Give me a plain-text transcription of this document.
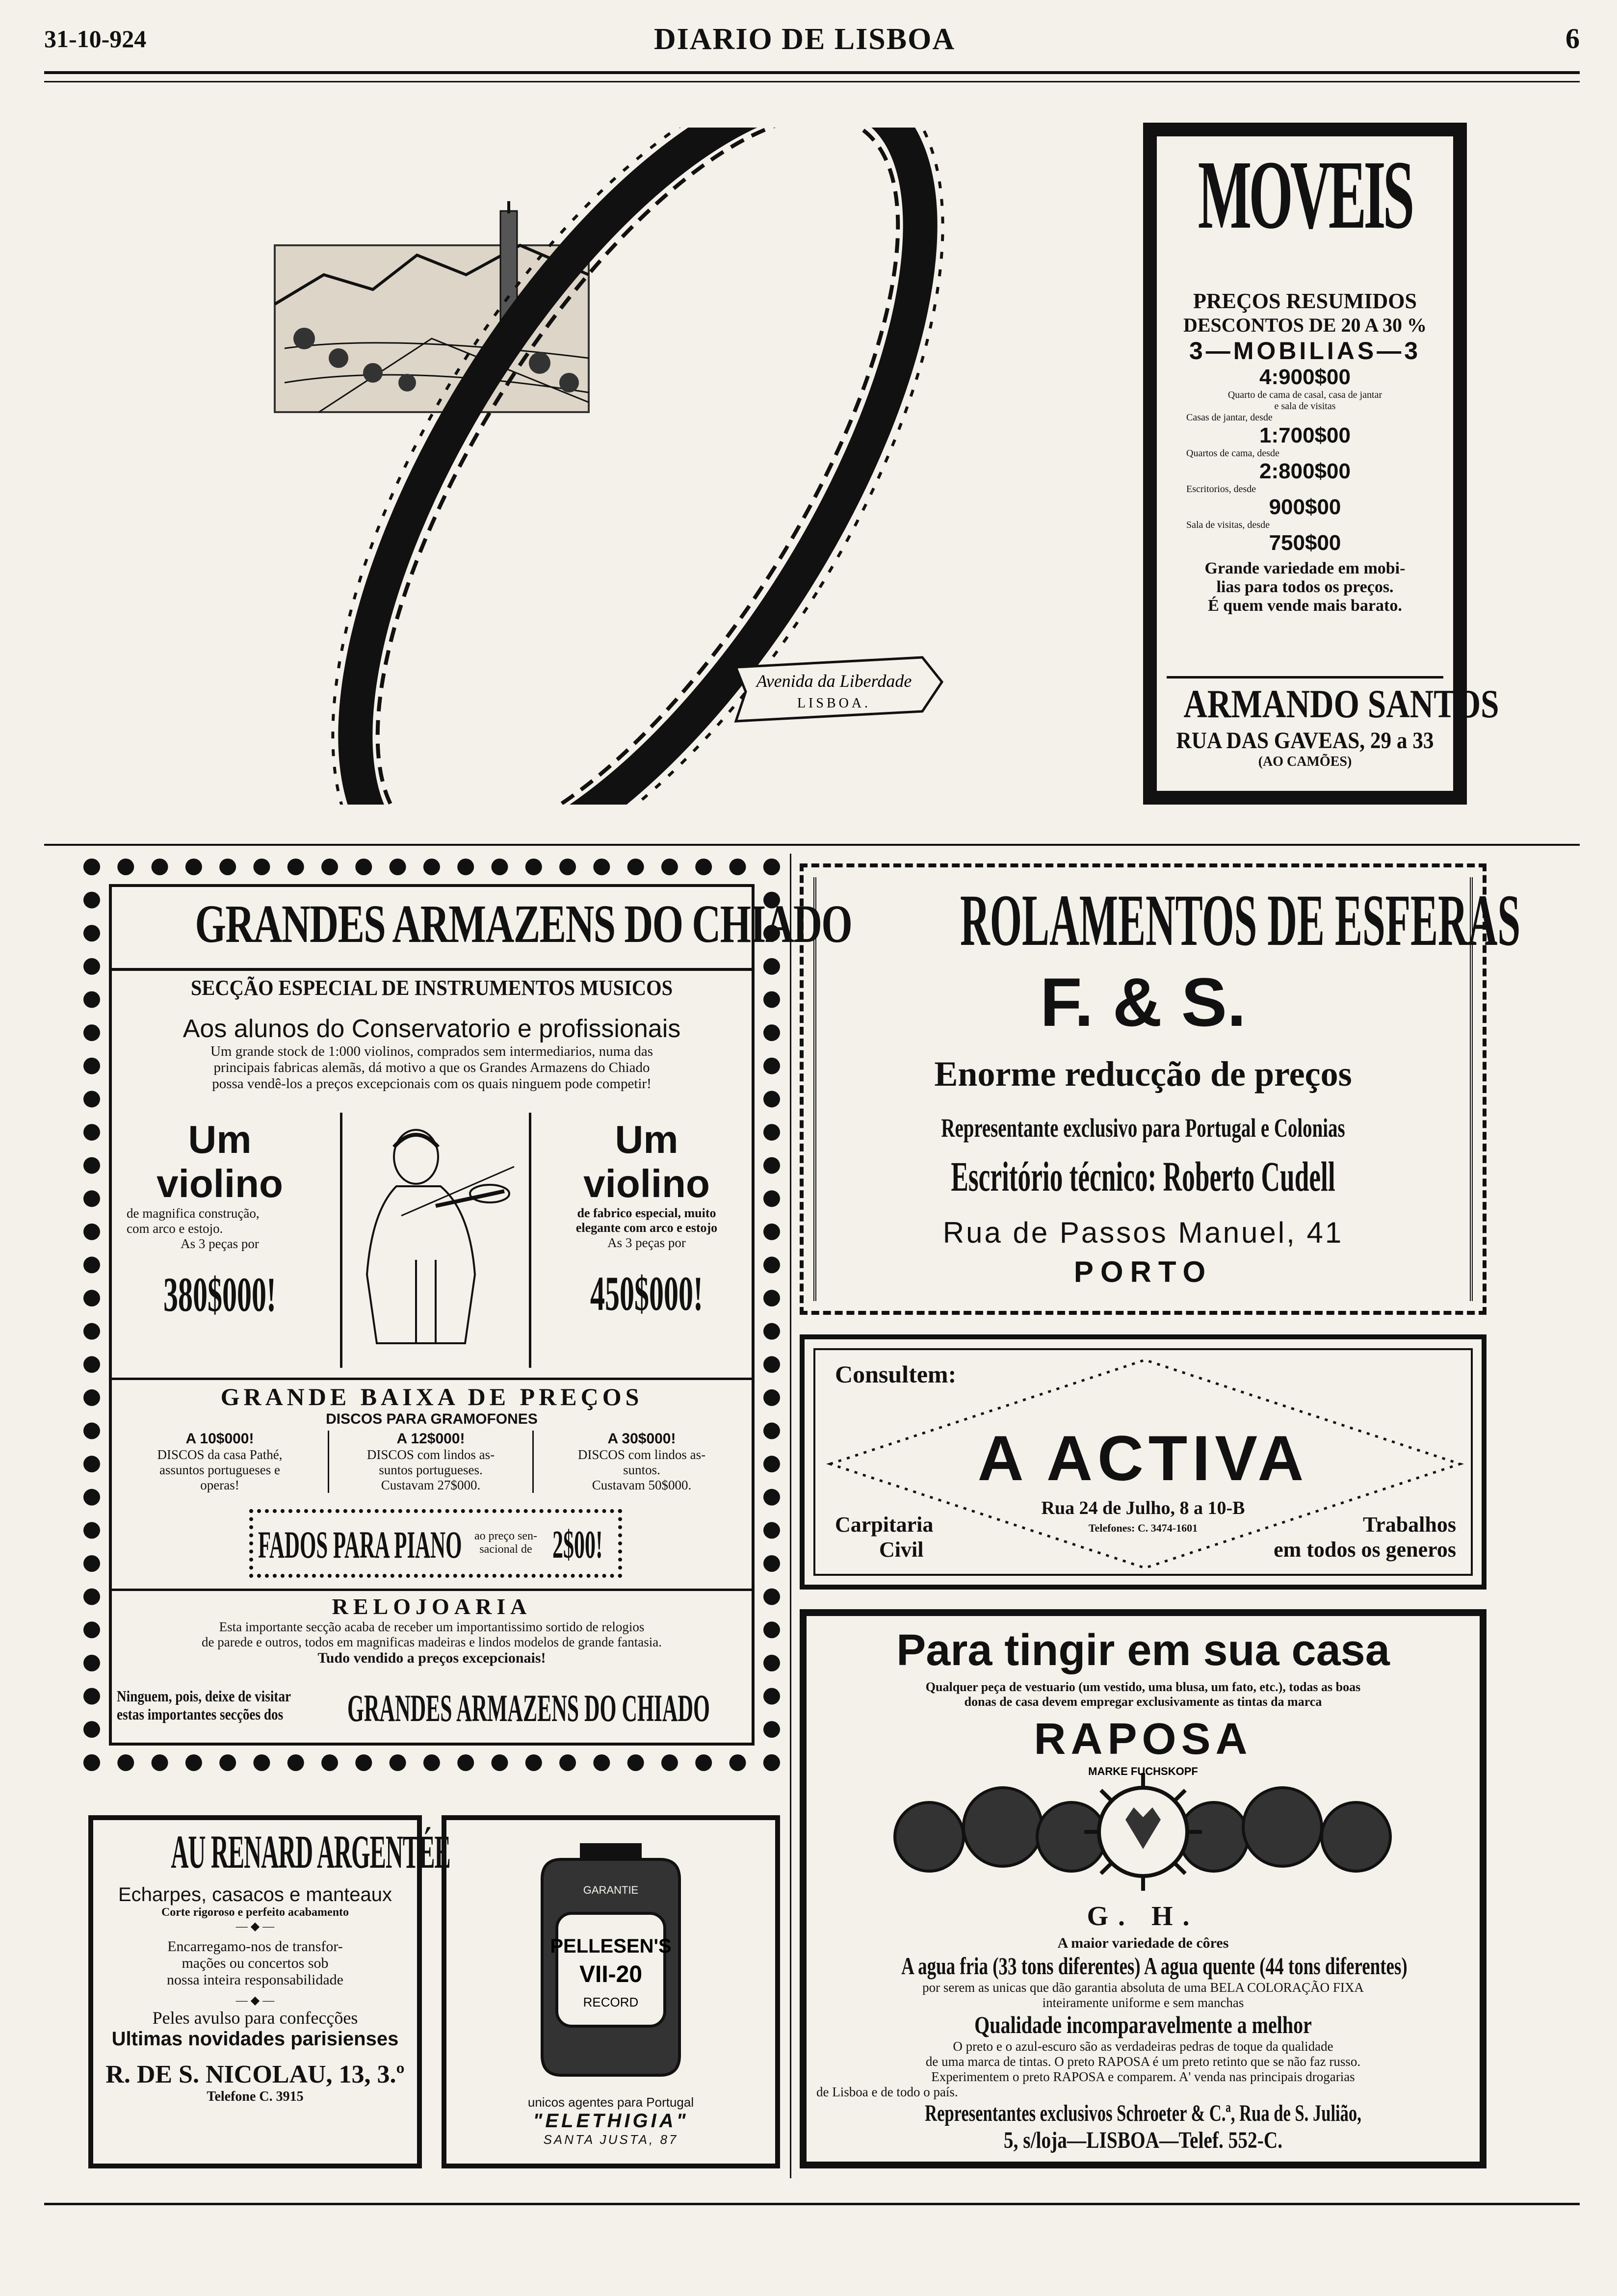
31-10-924	DIARIO DE LISBOA	6
Avenida da Liberdade
LISBOA.
MOVEIS
PREÇOS RESUMIDOS
DESCONTOS DE 20 A 30 %
3—MOBILIAS—3
4:900$00
Quarto de cama de casal, casa de jantar
e sala de visitas
Casas de jantar, desde
1:700$00
Quartos de cama, desde
2:800$00
Escritorios, desde
900$00
Sala de visitas, desde
750$00
Grande variedade em mobi-
lias para todos os preços.
É quem vende mais barato.
ARMANDO SANTOS
RUA DAS GAVEAS, 29 a 33
(AO CAMÕES)
GRANDES ARMAZENS DO CHIADO
SECÇÃO ESPECIAL DE INSTRUMENTOS MUSICOS
Aos alunos do Conservatorio e profissionais
Um grande stock de 1:000 violinos, comprados sem intermediarios, numa das
principais fabricas alemãs, dá motivo a que os Grandes Armazens do Chiado
possa vendê-los a preços excepcionais com os quais ninguem pode competir!
Um
violino
de magnifica construção,
com arco e estojo.
As 3 peças por
380$000!
Um
violino
de fabrico especial, muito
elegante com arco e estojo
As 3 peças por
450$000!
GRANDE BAIXA DE PREÇOS
DISCOS PARA GRAMOFONES
A 10$000!
DISCOS da casa Pathé,
assuntos portugueses e
operas!
A 12$000!
DISCOS com lindos as-
suntos portugueses.
Custavam 27$000.
A 30$000!
DISCOS com lindos as-
suntos.
Custavam 50$000.
FADOS PARA PIANO	ao preço sen-
sacional de 2$00!
RELOJOARIA
Esta importante secção acaba de receber um importantissimo sortido de relogios
de parede e outros, todos em magnificas madeiras e lindos modelos de grande fantasia.
Tudo vendido a preços excepcionais!
Ninguem, pois, deixe de visitar
estas importantes secções dos	GRANDES ARMAZENS DO CHIADO
ROLAMENTOS DE ESFERAS
F. & S.
Enorme reducção de preços
Representante exclusivo para Portugal e Colonias
Escritório técnico: Roberto Cudell
Rua de Passos Manuel, 41
PORTO
Consultem:
A ACTIVA
Rua 24 de Julho, 8 a 10-B
Telefones: C. 3474-1601
Carpitaria
Civil
Trabalhos
em todos os generos
Para tingir em sua casa
Qualquer peça de vestuario (um vestido, uma blusa, um fato, etc.), todas as boas
donas de casa devem empregar exclusivamente as tintas da marca
RAPOSA
MARKE FUCHSKOPF
G. H.
A maior variedade de côres
A agua fria (33 tons diferentes) A agua quente (44 tons diferentes)
por serem as unicas que dão garantia absoluta de uma BELA COLORAÇÃO FIXA
inteiramente uniforme e sem manchas
Qualidade incomparavelmente a melhor
O preto e o azul-escuro são as verdadeiras pedras de toque da qualidade
de uma marca de tintas. O preto RAPOSA é um preto retinto que se não faz russo.
Experimentem o preto RAPOSA e comparem. A' venda nas principais drogarias
de Lisboa e de todo o país.
Representantes exclusivos Schroeter & C.ª, Rua de S. Julião,
5, s/loja—LISBOA—Telef. 552-C.
AU RENARD ARGENTÉE
Echarpes, casacos e manteaux
Corte rigoroso e perfeito acabamento
— ◆ —
Encarregamo-nos de transfor-
mações ou concertos sob
nossa inteira responsabilidade
— ◆ —
Peles avulso para confecções
Ultimas novidades parisienses
R. DE S. NICOLAU, 13, 3.º
Telefone C. 3915
GARANTIE
PELLESEN'S
VII-20
RECORD
unicos agentes para Portugal
"ELETHIGIA"
SANTA JUSTA, 87
